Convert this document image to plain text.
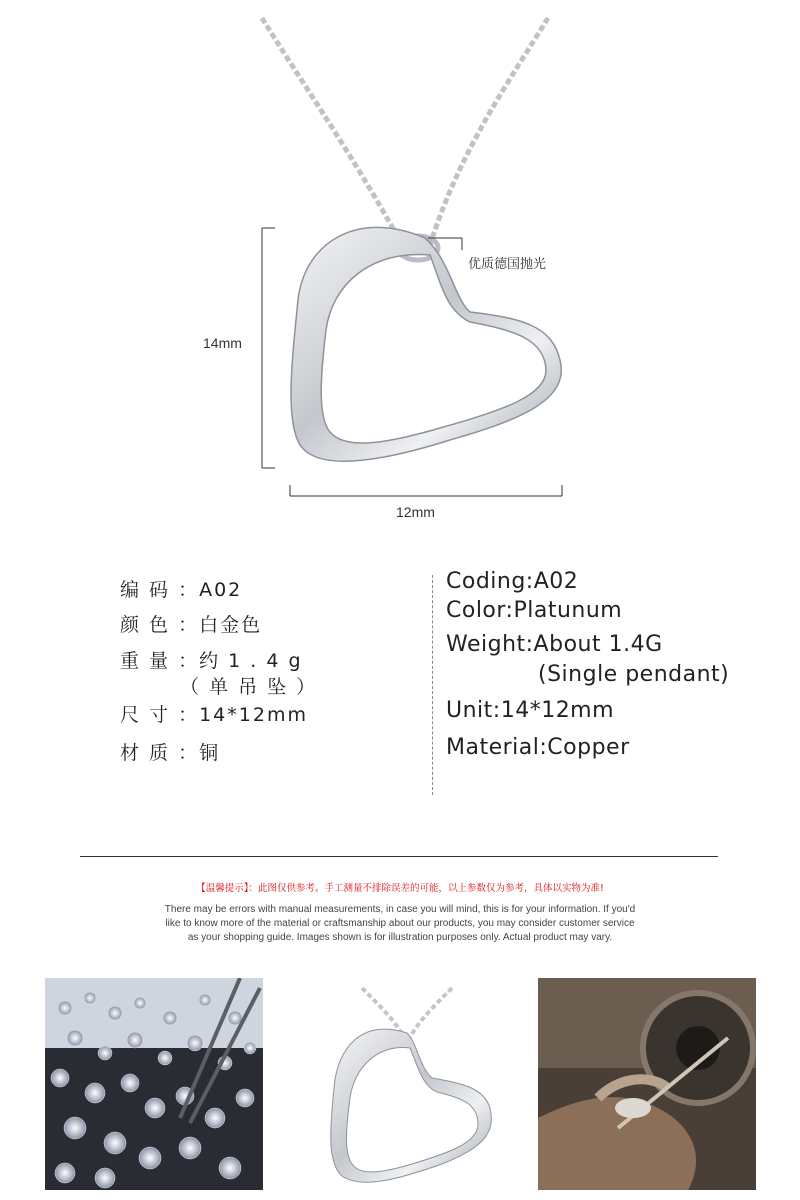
14mm
12mm
优质德国抛光
编 码 ：A02
颜 色 ：白金色
重 量 ：约 1 . 4 g
（ 单 吊 坠 ）
尺 寸 ：14*12mm
材 质 ：铜
Coding:A02
Color:Platunum
Weight:About 1.4G
(Single pendant)
Unit:14*12mm
Material:Copper
【温馨提示】：此图仅供参考。手工测量不排除误差的可能，以上参数仅为参考，具体以实物为准!
There may be errors with manual measurements, in case you will mind, this is for your information. If you'd
like to know more of the material or craftsmanship about our products, you may consider customer service
as your shopping guide. Images shown is for illustration purposes only. Actual product may vary.
